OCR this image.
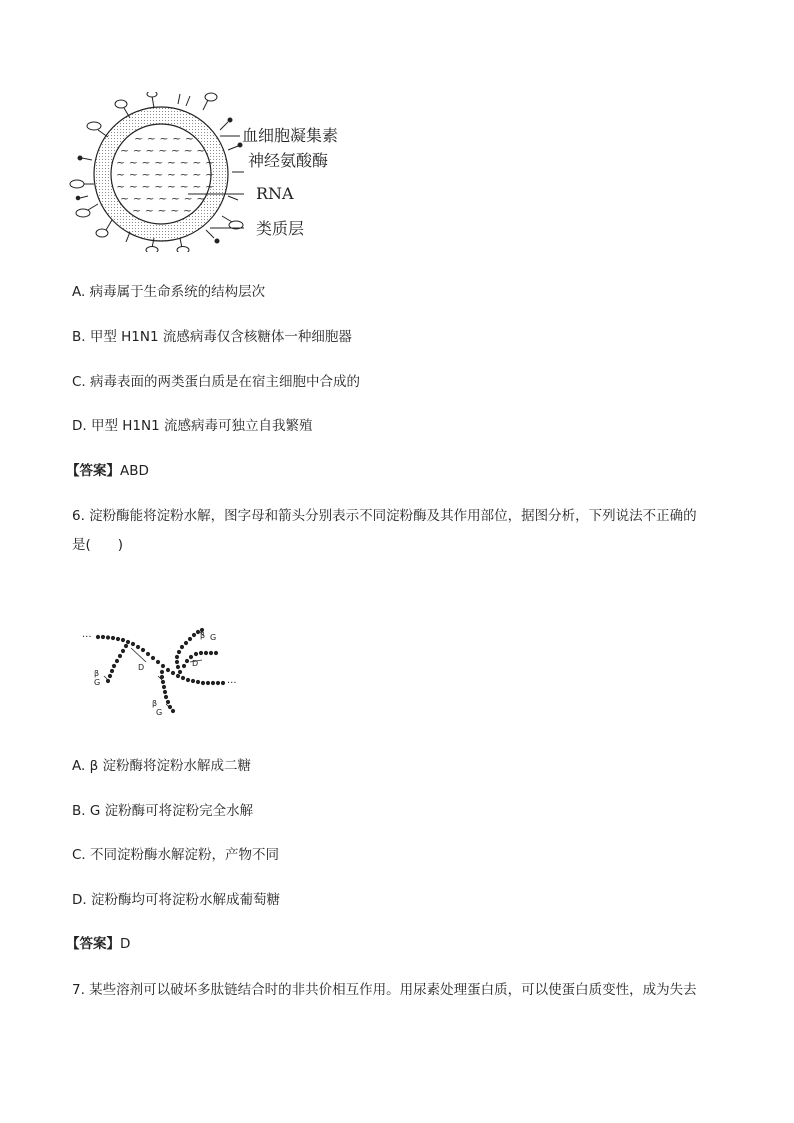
~ ~ ~ ~ ~
~ ~ ~ ~ ~ ~ ~
~ ~ ~ ~ ~ ~ ~ ~
~ ~ ~ ~ ~ ~ ~ ~
~ ~ ~ ~ ~ ~ ~ ~
~ ~ ~ ~ ~ ~ ~
~ ~ ~ ~ ~
血细胞凝集素
神经氨酸酶
RNA
类质层
A. 病毒属于生命系统的结构层次
B. 甲型 H1N1 流感病毒仅含核糖体一种细胞器
C. 病毒表面的两类蛋白质是在宿主细胞中合成的
D. 甲型 H1N1 流感病毒可独立自我繁殖
【答案】ABD
6. 淀粉酶能将淀粉水解，图字母和箭头分别表示不同淀粉酶及其作用部位，据图分析，下列说法不正确的
是(　　)
···
···
D	D
β
G
β
G
β G
A. β 淀粉酶将淀粉水解成二糖
B. G 淀粉酶可将淀粉完全水解
C. 不同淀粉酶水解淀粉，产物不同
D. 淀粉酶均可将淀粉水解成葡萄糖
【答案】D
7. 某些溶剂可以破坏多肽链结合时的非共价相互作用。用尿素处理蛋白质，可以使蛋白质变性，成为失去
